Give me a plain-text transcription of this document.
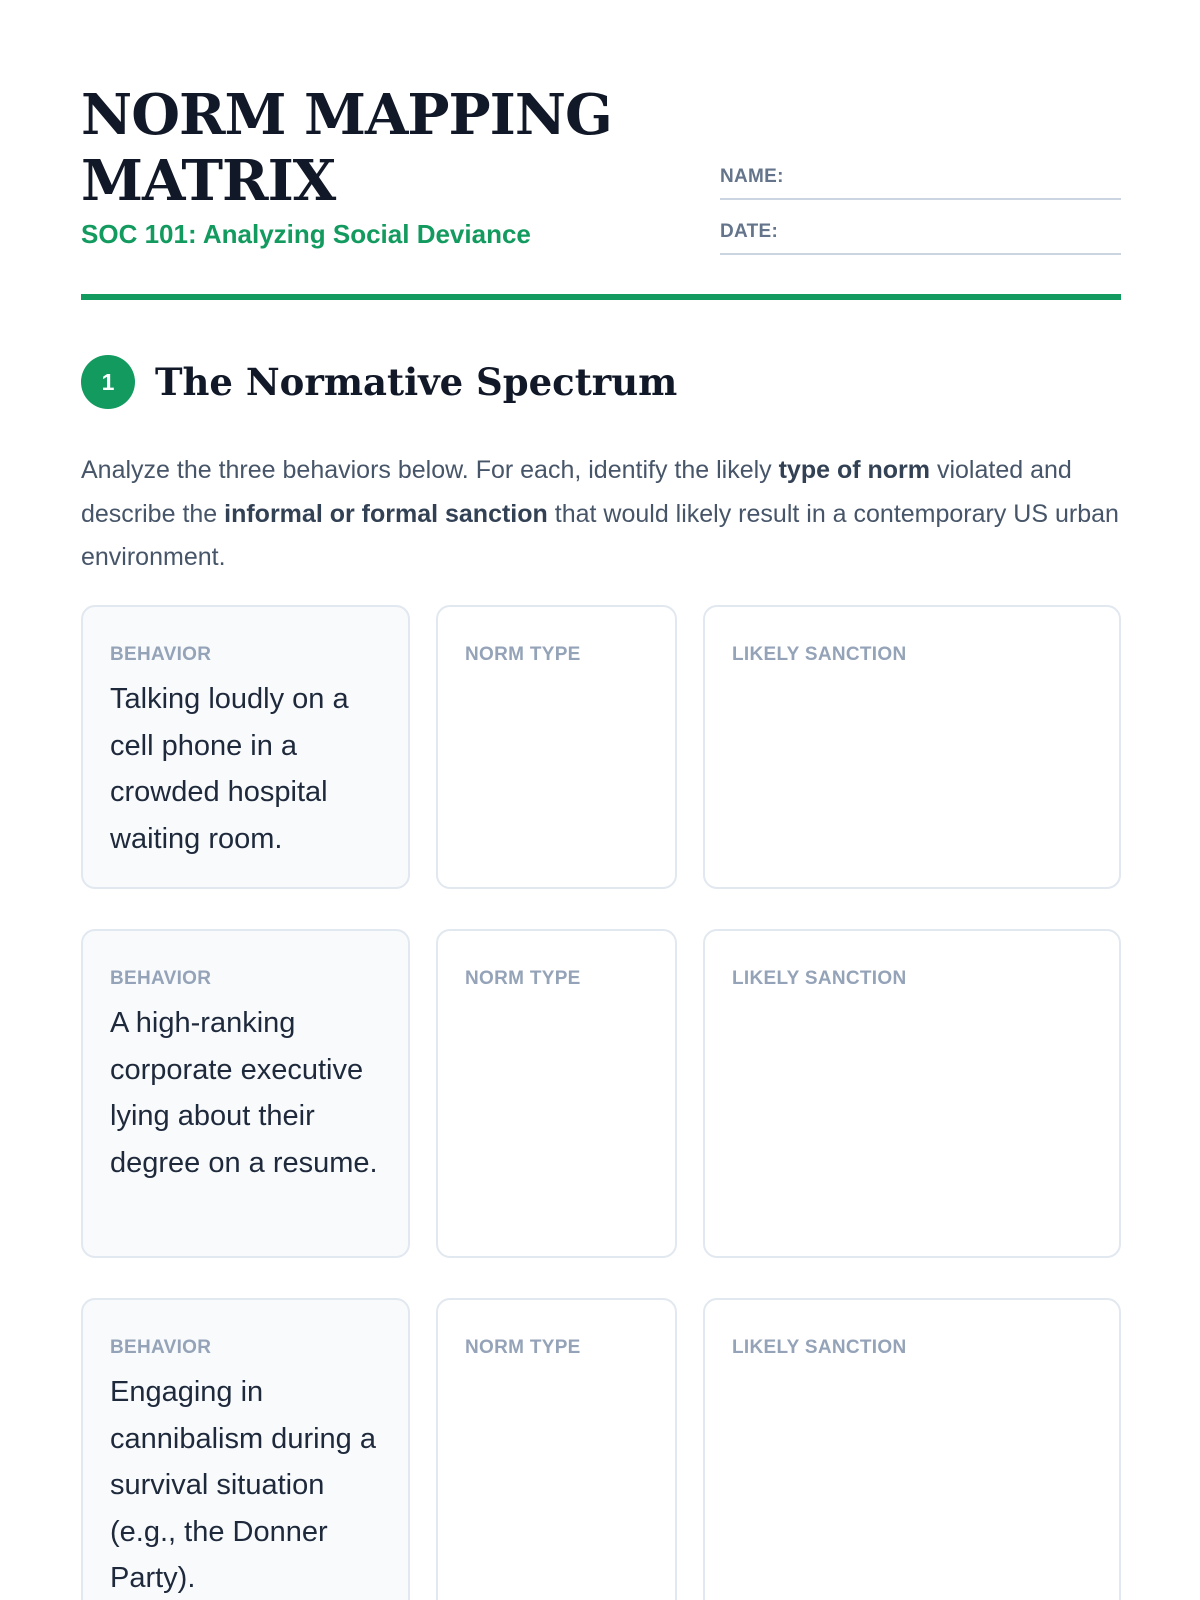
NORM MAPPING MATRIX
SOC 101: Analyzing Social Deviance
NAME:
DATE:
1	The Normative Spectrum

Analyze the three behaviors below. For each, identify the likely type of norm violated and describe the informal or formal sanction that would likely result in a contemporary US urban environment.

BEHAVIOR

Talking loudly on a cell phone in a crowded hospital waiting room.

NORM TYPE	LIKELY SANCTION
BEHAVIOR

A high-ranking corporate executive lying about their degree on a resume.

NORM TYPE	LIKELY SANCTION
BEHAVIOR

Engaging in cannibalism during a survival situation (e.g., the Donner Party).

NORM TYPE	LIKELY SANCTION
